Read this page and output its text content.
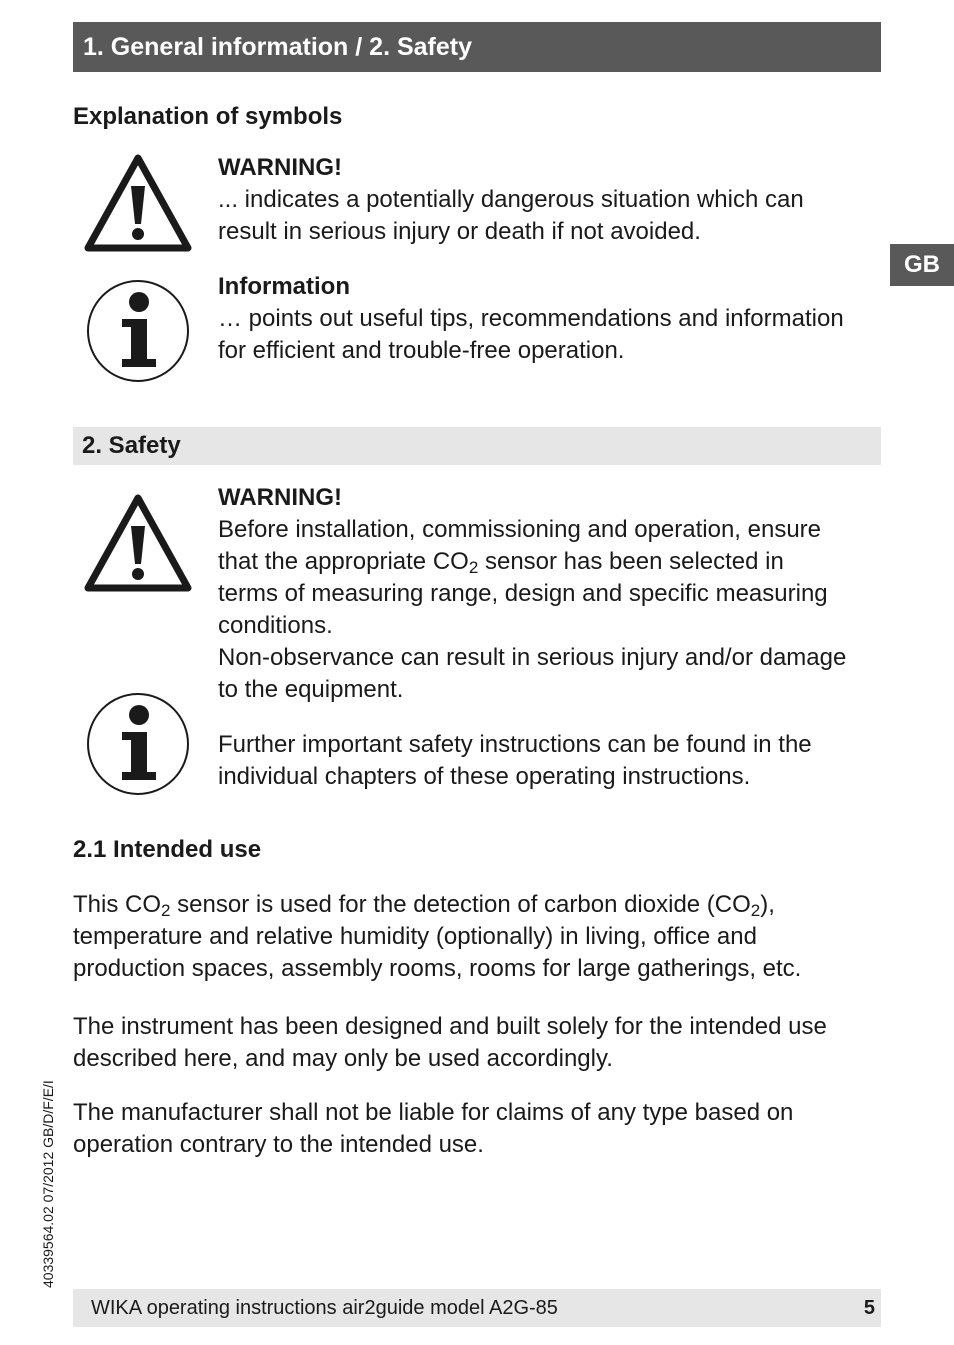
1. General information / 2. Safety
GB
Explanation of symbols
WARNING!
... indicates a potentially dangerous situation which can
result in serious injury or death if not avoided.
Information
… points out useful tips, recommendations and information
for efficient and trouble-free operation.
2. Safety
WARNING!
Before installation, commissioning and operation, ensure
that the appropriate $CO_2$ sensor has been selected in
terms of measuring range, design and specific measuring
conditions.
Non-observance can result in serious injury and/or damage
to the equipment.
Further important safety instructions can be found in the
individual chapters of these operating instructions.
2.1 Intended use
This $CO_2$ sensor is used for the detection of carbon dioxide $(CO_2)$,
temperature and relative humidity (optionally) in living, office and
production spaces, assembly rooms, rooms for large gatherings, etc.
The instrument has been designed and built solely for the intended use
described here, and may only be used accordingly.
The manufacturer shall not be liable for claims of any type based on
operation contrary to the intended use.
40339564.02 07/2012 GB/D/F/E/I
WIKA operating instructions air2guide model A2G-85	5
